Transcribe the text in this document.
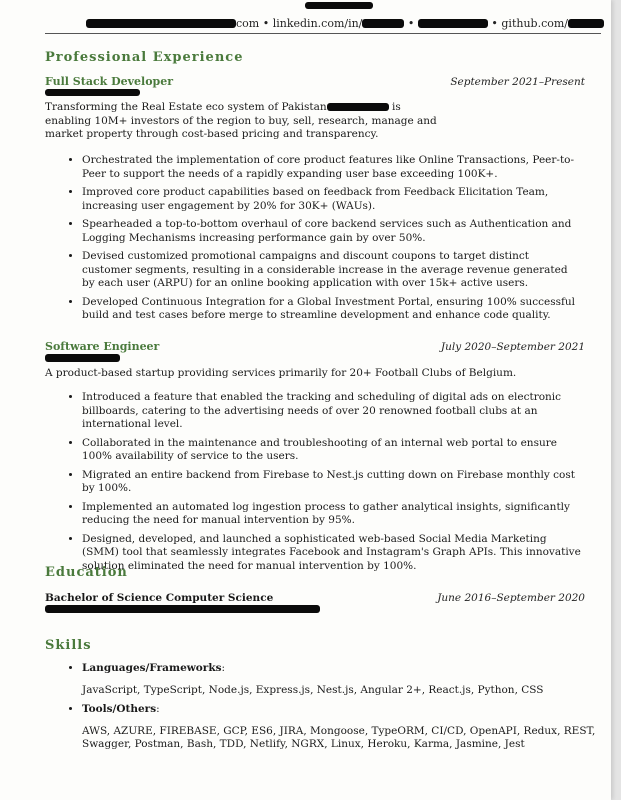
com • linkedin.com/in/	•	• github.com/
Professional Experience
Full Stack Developer	September 2021–Present
Transforming the Real Estate eco system of Pakistan	is enabling 10M+ investors of the region to buy, sell, research, manage and market property through cost-based pricing and transparency.
• Orchestrated the implementation of core product features like Online Transactions, Peer-to-Peer to support the needs of a rapidly expanding user base exceeding 100K+.
• Improved core product capabilities based on feedback from Feedback Elicitation Team, increasing user engagement by 20% for 30K+ (WAUs).
• Spearheaded a top-to-bottom overhaul of core backend services such as Authentication and Logging Mechanisms increasing performance gain by over 50%.
• Devised customized promotional campaigns and discount coupons to target distinct customer segments, resulting in a considerable increase in the average revenue generated by each user (ARPU) for an online booking application with over 15k+ active users.
• Developed Continuous Integration for a Global Investment Portal, ensuring 100% successful build and test cases before merge to streamline development and enhance code quality.
Software Engineer	July 2020–September 2021
A product-based startup providing services primarily for 20+ Football Clubs of Belgium.
• Introduced a feature that enabled the tracking and scheduling of digital ads on electronic billboards, catering to the advertising needs of over 20 renowned football clubs at an international level.
• Collaborated in the maintenance and troubleshooting of an internal web portal to ensure 100% availability of service to the users.
• Migrated an entire backend from Firebase to Nest.js cutting down on Firebase monthly cost by 100%.
• Implemented an automated log ingestion process to gather analytical insights, significantly reducing the need for manual intervention by 95%.
• Designed, developed, and launched a sophisticated web-based Social Media Marketing (SMM) tool that seamlessly integrates Facebook and Instagram's Graph APIs. This innovative solution eliminated the need for manual intervention by 100%.
Education
Bachelor of Science Computer Science	June 2016–September 2020
Skills
• Languages/Frameworks:
JavaScript, TypeScript, Node.js, Express.js, Nest.js, Angular 2+, React.js, Python, CSS
• Tools/Others:
AWS, AZURE, FIREBASE, GCP, ES6, JIRA, Mongoose, TypeORM, CI/CD, OpenAPI, Redux, REST, Swagger, Postman, Bash, TDD, Netlify, NGRX, Linux, Heroku, Karma, Jasmine, Jest
